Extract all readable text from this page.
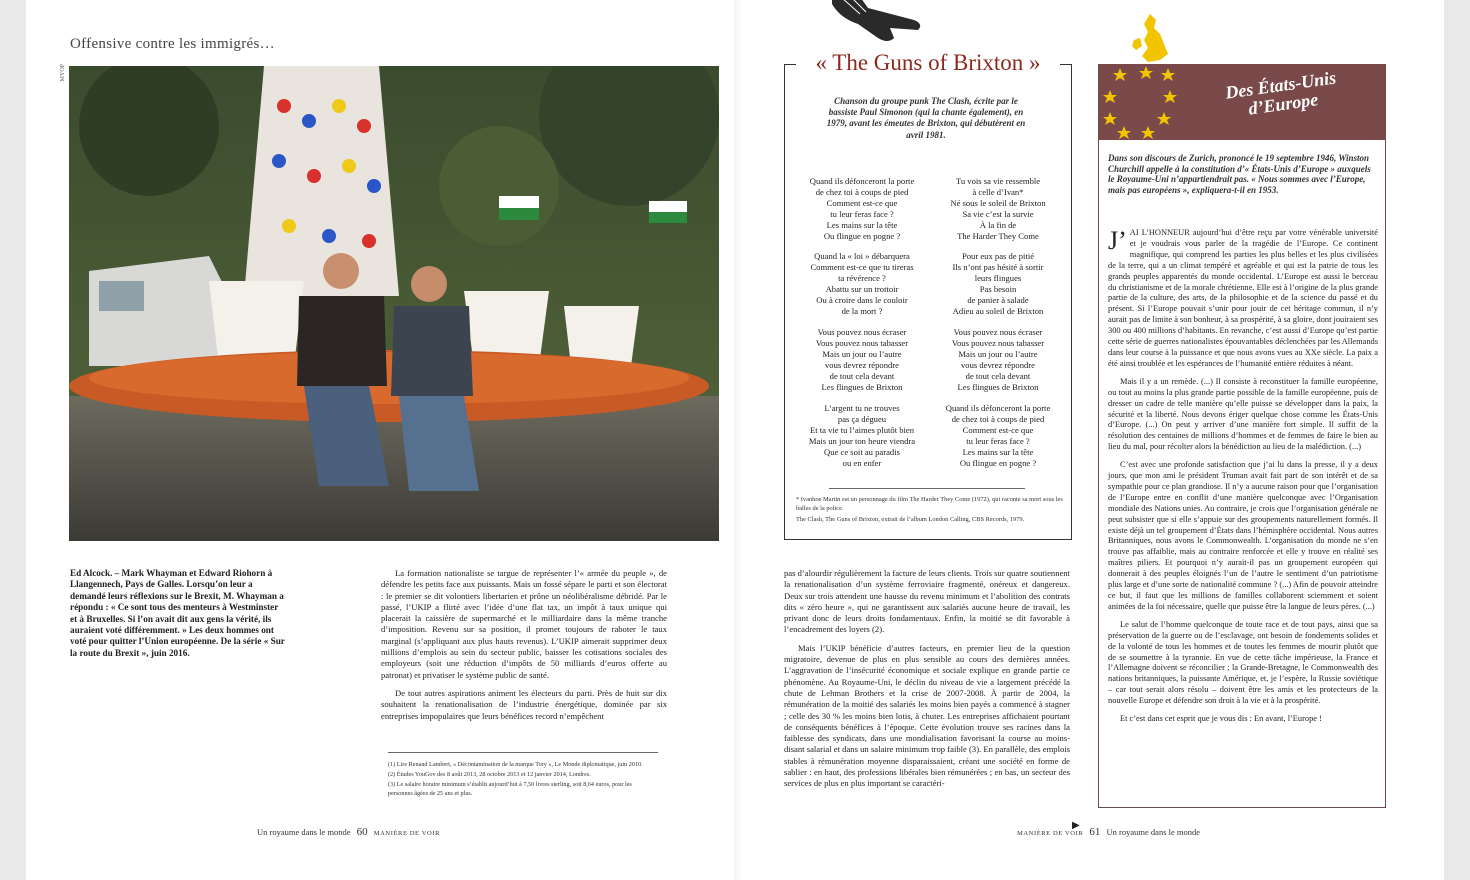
Offensive contre les immigrés…
MYOP
Ed Alcock. – Mark Whayman et Edward Riohorn à Llangennech, Pays de Galles. Lorsqu’on leur a demandé leurs réflexions sur le Brexit, M. Whayman a répondu : « Ce sont tous des menteurs à Westminster et à Bruxelles. Si l’on avait dit aux gens la vérité, ils auraient voté différemment. » Les deux hommes ont voté pour quitter l’Union européenne. De la série « Sur la route du Brexit », juin 2016.

La formation nationaliste se targue de représenter l’« armée du peuple », de défendre les petits face aux puissants. Mais un fossé sépare le parti et son électorat : le premier se dit volontiers libertarien et prône un néolibéralisme débridé. Par le passé, l’UKIP a flirté avec l’idée d’une flat tax, un impôt à taux unique qui placerait la caissière de supermarché et le milliardaire dans la même tranche d’imposition. Revenu sur sa position, il promet toujours de raboter le taux marginal (s’appliquant aux plus hauts revenus). L’UKIP aimerait supprimer deux millions d’emplois au sein du secteur public, baisser les cotisations sociales des employeurs (soit une réduction d’impôts de 50 milliards d’euros offerte au patronat) et privatiser le système public de santé.

De tout autres aspirations animent les électeurs du parti. Près de huit sur dix souhaitent la renationalisation de l’industrie énergétique, dominée par six entreprises impopulaires que leurs bénéfices record n’empêchent

(1) Lire Renaud Lambert, « Décontamination de la marque Tory », Le Monde diplomatique, juin 2010.
(2) Études YouGov des 8 août 2013, 28 octobre 2013 et 12 janvier 2014, Londres.
(3) Le salaire horaire minimum s’établit aujourd’hui à 7,50 livres sterling, soit 8,64 euros, pour les personnes âgées de 25 ans et plus.
Un royaume dans le monde 60 MANIÈRE DE VOIR

pas d’alourdir régulièrement la facture de leurs clients. Trois sur quatre soutiennent la renationalisation d’un système ferroviaire fragmenté, onéreux et dangereux. Deux sur trois attendent une hausse du revenu minimum et l’abolition des contrats dits « zéro heure », qui ne garantissent aux salariés aucune heure de travail, les privant donc de leurs droits fondamentaux. Enfin, la moitié se dit favorable à l’encadrement des loyers (2).

Mais l’UKIP bénéficie d’autres facteurs, en premier lieu de la question migratoire, devenue de plus en plus sensible au cours des dernières années. L’aggravation de l’insécurité économique et sociale explique en grande partie ce phénomène. Au Royaume-Uni, le déclin du niveau de vie a largement précédé la chute de Lehman Brothers et la crise de 2007-2008. À partir de 2004, la rémunération de la moitié des salariés les moins bien payés a commencé à stagner ; celle des 30 % les moins bien lotis, à chuter. Les entreprises affichaient pourtant de conséquents bénéfices à l’époque. Cette évolution trouve ses racines dans la faiblesse des syndicats, dans une mondialisation favorisant la course au moins-disant salarial et dans un salaire minimum trop faible (3). En parallèle, des emplois stables à rémunération moyenne disparaissaient, créant une société en forme de sablier : en haut, des professions libérales bien rémunérées ; en bas, un secteur des services de plus en plus important se caractéri-

▶
« The Guns of Brixton »
Chanson du groupe punk The Clash, écrite par le bassiste Paul Simonon (qui la chante également), en 1979, avant les émeutes de Brixton, qui débutèrent en avril 1981.
Quand ils défonceront la porte
de chez toi à coups de pied
Comment est-ce que
tu leur feras face ?
Les mains sur la tête
Ou flingue en pogne ?
Quand la « loi » débarquera
Comment est-ce que tu tireras
ta révérence ?
Abattu sur un trottoir
Ou à croire dans le couloir
de la mort ?
Vous pouvez nous écraser
Vous pouvez nous tabasser
Mais un jour ou l’autre
vous devrez répondre
de tout cela devant
Les flingues de Brixton
L’argent tu ne trouves
pas ça dégueu
Et ta vie tu l’aimes plutôt bien
Mais un jour ton heure viendra
Que ce soit au paradis
ou en enfer
Tu vois sa vie ressemble
à celle d’Ivan*
Né sous le soleil de Brixton
Sa vie c’est la survie
À la fin de
The Harder They Come
Pour eux pas de pitié
Ils n’ont pas hésité à sortir
leurs flingues
Pas besoin
de panier à salade
Adieu au soleil de Brixton
Vous pouvez nous écraser
Vous pouvez nous tabasser
Mais un jour ou l’autre
vous devrez répondre
de tout cela devant
Les flingues de Brixton
Quand ils défonceront la porte
de chez toi à coups de pied
Comment est-ce que
tu leur feras face ?
Les mains sur la tête
Ou flingue en pogne ?
* Ivanhoe Martin est un personnage du film The Harder They Come (1972), qui raconte sa mort sous les balles de la police.
The Clash, The Guns of Brixton, extrait de l’album London Calling, CBS Records, 1979.
Des États-Unis d’Europe
Dans son discours de Zurich, prononcé le 19 septembre 1946, Winston Churchill appelle à la constitution d’« États-Unis d’Europe » auxquels le Royaume-Uni n’appartiendrait pas. « Nous sommes avec l’Europe, mais pas européens », expliquera-t-il en 1953.

J’ AI L’HONNEUR aujourd’hui d’être reçu par votre vénérable université et je voudrais vous parler de la tragédie de l’Europe. Ce continent magnifique, qui comprend les parties les plus belles et les plus civilisées de la terre, qui a un climat tempéré et agréable et qui est la patrie de tous les grands peuples apparentés du monde occidental. L’Europe est aussi le berceau du christianisme et de la morale chrétienne. Elle est à l’origine de la plus grande partie de la culture, des arts, de la philosophie et de la science du passé et du présent. Si l’Europe pouvait s’unir pour jouir de cet héritage commun, il n’y aurait pas de limite à son bonheur, à sa prospérité, à sa gloire, dont jouiraient ses 300 ou 400 millions d’habitants. En revanche, c’est aussi d’Europe qu’est partie cette série de guerres nationalistes épouvantables déclenchées par les Allemands dans leur course à la puissance et que nous avons vues au XXe siècle. La paix a été ainsi troublée et les espérances de l’humanité entière réduites à néant.

Mais il y a un remède. (...) Il consiste à reconstituer la famille européenne, ou tout au moins la plus grande partie possible de la famille européenne, puis de dresser un cadre de telle manière qu’elle puisse se développer dans la paix, la sécurité et la liberté. Nous devons ériger quelque chose comme les États-Unis d’Europe. (...) On peut y arriver d’une manière fort simple. Il suffit de la résolution des centaines de millions d’hommes et de femmes de faire le bien au lieu du mal, pour récolter alors la bénédiction au lieu de la malédiction. (...)

C’est avec une profonde satisfaction que j’ai lu dans la presse, il y a deux jours, que mon ami le président Truman avait fait part de son intérêt et de sa sympathie pour ce plan grandiose. Il n’y a aucune raison pour que l’organisation de l’Europe entre en conflit d’une manière quelconque avec l’Organisation mondiale des Nations unies. Au contraire, je crois que l’organisation générale ne peut subsister que si elle s’appuie sur des groupements naturellement formés. Il existe déjà un tel groupement d’États dans l’hémisphère occidental. Nous autres Britanniques, nous avons le Commonwealth. L’organisation du monde ne s’en trouve pas affaiblie, mais au contraire renforcée et elle y trouve en réalité ses maîtres piliers. Et pourquoi n’y aurait-il pas un groupement européen qui donnerait à des peuples éloignés l’un de l’autre le sentiment d’un patriotisme plus large et d’une sorte de nationalité commune ? (...) Afin de pouvoir atteindre ce but, il faut que les millions de familles collaborent sciemment et soient animées de la foi nécessaire, quelle que puisse être la langue de leurs pères. (...)

Le salut de l’homme quelconque de toute race et de tout pays, ainsi que sa préservation de la guerre ou de l’esclavage, ont besoin de fondements solides et de la volonté de tous les hommes et de toutes les femmes de mourir plutôt que de se soumettre à la tyrannie. En vue de cette tâche impérieuse, la France et l’Allemagne doivent se réconcilier ; la Grande-Bretagne, le Commonwealth des nations britanniques, la puissante Amérique, et, je l’espère, la Russie soviétique – car tout serait alors résolu – doivent être les amis et les protecteurs de la nouvelle Europe et défendre son droit à la vie et à la prospérité.

Et c’est dans cet esprit que je vous dis : En avant, l’Europe !

MANIÈRE DE VOIR 61 Un royaume dans le monde
